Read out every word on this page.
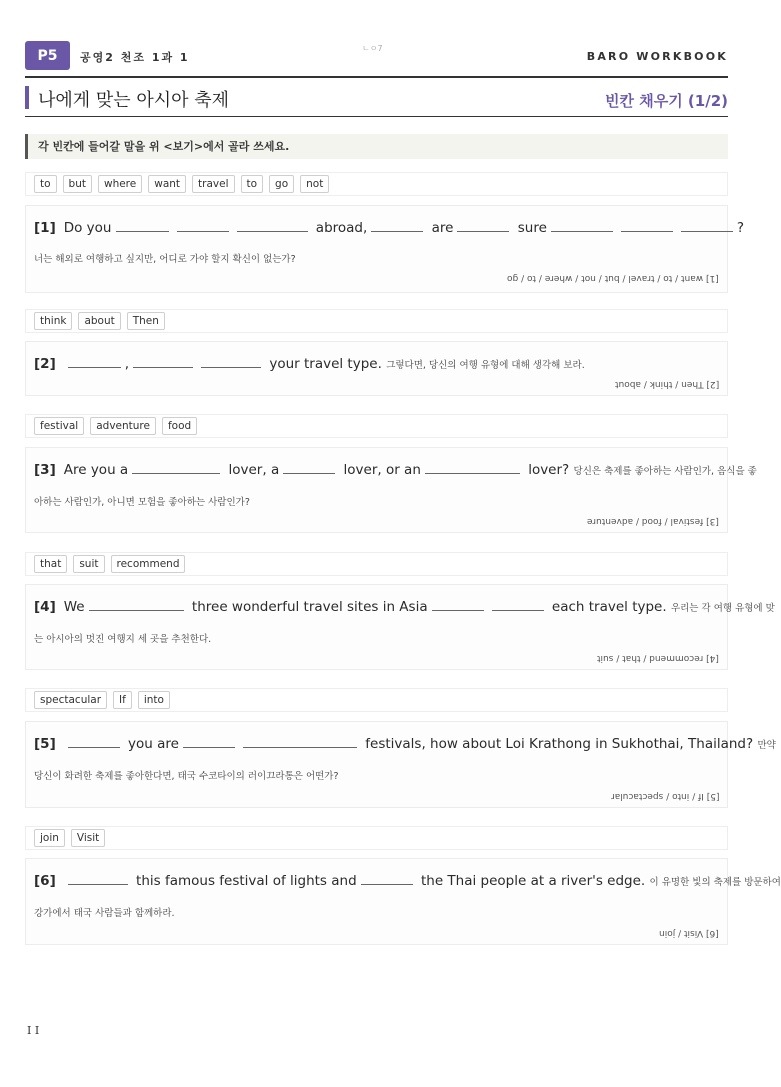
P5	공영2 천조 1과 1
ㄴㅇ7
BARO WORKBOOK
나에게 맞는 아시아 축제	빈칸 채우기 (1/2)
각 빈칸에 들어갈 말을 위 <보기>에서 골라 쓰세요.
to	but	where	want	travel	to	go	not
[1] Do you	abroad,	are	sure	?
너는 해외로 여행하고 싶지만, 어디로 가야 할지 확신이 없는가?
[1] want / to / travel / but / not / where / to / go
think	about	Then
[2]	,	your travel type. 그렇다면, 당신의 여행 유형에 대해 생각해 보라.
[2] Then / think / about
festival	adventure	food
[3] Are you a	lover, a	lover, or an	lover? 당신은 축제를 좋아하는 사람인가, 음식을 좋
아하는 사람인가, 아니면 모험을 좋아하는 사람인가?
[3] festival / food / adventure
that	suit	recommend
[4] We	three wonderful travel sites in Asia	each travel type. 우리는 각 여행 유형에 맞
는 아시아의 멋진 여행지 세 곳을 추천한다.
[4] recommend / that / suit
spectacular	If	into
[5]	you are	festivals, how about Loi Krathong in Sukhothai, Thailand? 만약
당신이 화려한 축제를 좋아한다면, 태국 수코타이의 러이끄라통은 어떤가?
[5] If / into / spectacular
join	Visit
[6]	this famous festival of lights and	the Thai people at a river's edge. 이 유명한 빛의 축제를 방문하여
강가에서 태국 사람들과 함께하라.
[6] Visit / join
I I
